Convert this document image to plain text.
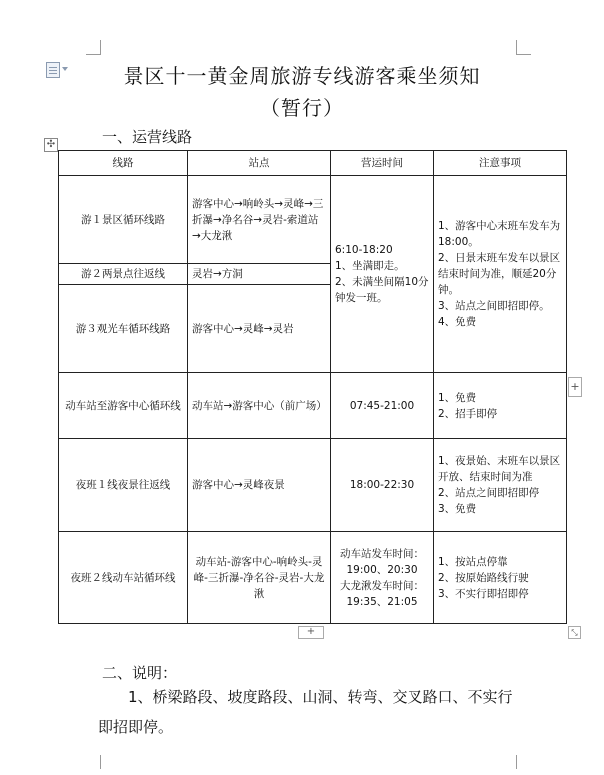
景区十一黄金周旅游专线游客乘坐须知
（暂行）
✣	一、运营线路
线路	站点	营运时间	注意事项
游１景区循环线路	游客中心→响岭头→灵峰→三折瀑→净名谷→灵岩-索道站→大龙湫	6:10-18:20
1、坐满即走。
2、未满坐间隔10分钟发一班。	1、游客中心末班车发车为18:00。
2、日景末班车发车以景区结束时间为准，顺延20分钟。
3、站点之间即招即停。
4、免费
游２两景点往返线	灵岩→方洞		
游３观光车循环线路	游客中心→灵峰→灵岩		
动车站至游客中心循环线	动车站→游客中心（前广场）	07:45-21:00	1、免费
2、招手即停
夜班１线夜景往返线	游客中心→灵峰夜景	18:00-22:30	1、夜景始、末班车以景区开放、结束时间为准
2、站点之间即招即停
3、免费
夜班２线动车站循环线	动车站-游客中心-响岭头-灵峰-三折瀑-净名谷-灵岩-大龙湫	动车站发车时间：
19:00、20:30
大龙湫发车时间：
19:35、21:05	1、按站点停靠
2、按原始路线行驶
3、不实行即招即停
+
+	⤡
二、说明：
1、桥梁路段、坡度路段、山洞、转弯、交叉路口、不实行
即招即停。
